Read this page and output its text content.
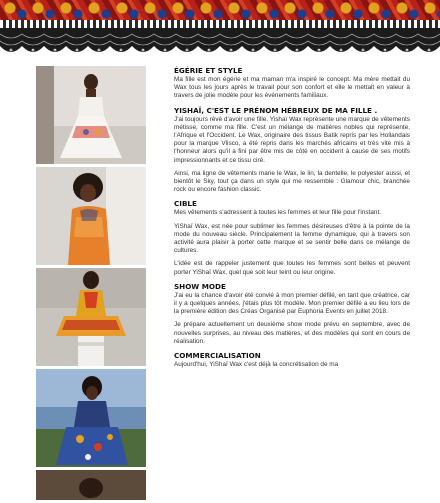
ÉGÉRIE ET STYLE

Ma fille est mon égérie et ma maman m'a inspiré le concept. Ma mère mettait du Wax tous les jours après le travail pour son confort et elle le mettait en valeur à travers de jolie modèle pour les événements familiaux.

YISHAÏ, C'EST LE PRÉNOM HÉBREUX DE MA FILLE .

J'ai toujours rêvé d'avoir une fille. Yishaï Wax représente une marque de vêtements métisse, comme ma fille. C'est un mélange de matières nobles qui représente, l'Afrique et l'Occident. Le Wax, originaire des tissus Batik repris par les Hollandais pour la marque Vlisco, a été repris dans les marchés africains et très vite mis à l'honneur alors qu'il a fini par être mis de côté en occident à cause de ses motifs impressionnants et ce tissu ciré.

Ainsi, ma ligne de vêtements marie le Wax, le lin, la dentelle, le polyester aussi, et bientôt le Sky, tout ça dans un style qui me ressemble : Glamour chic, branchée rock ou encore fashion classic.

CIBLE

Mes vêtements s'adressent à toutes les femmes et leur fille pour l'instant.

YiShaï Wax, est née pour sublimer les femmes désireuses d'être à la pointe de la mode du nouveau siècle. Principalement la femme dynamique, qui à travers son activité aura plaisir à porter cette marque et se sentir belle dans ce mélange de cultures.

L'idée est de rappeler justement que toutes les femmes sont belles et peuvent porter YiShaï Wax, quel que soit leur teint ou leur origine.

SHOW MODE

J'ai eu la chance d'avoir été convié à mon premier défilé, en tant que créatrice, car il y a quelques années, j'étais plus tôt modèle. Mon premier défilé a eu lieu lors de la première édition des Créas Organisé par Euphoria Events en juillet 2018.

Je prépare actuellement un deuxième show mode prévu en septembre, avec de nouvelles surprises, au niveau des matières, et des modèles qui sont en cours de réalisation.

COMMERCIALISATION

Aujourd'hui, YiShaï Wax c'est déjà la concrétisation de ma
